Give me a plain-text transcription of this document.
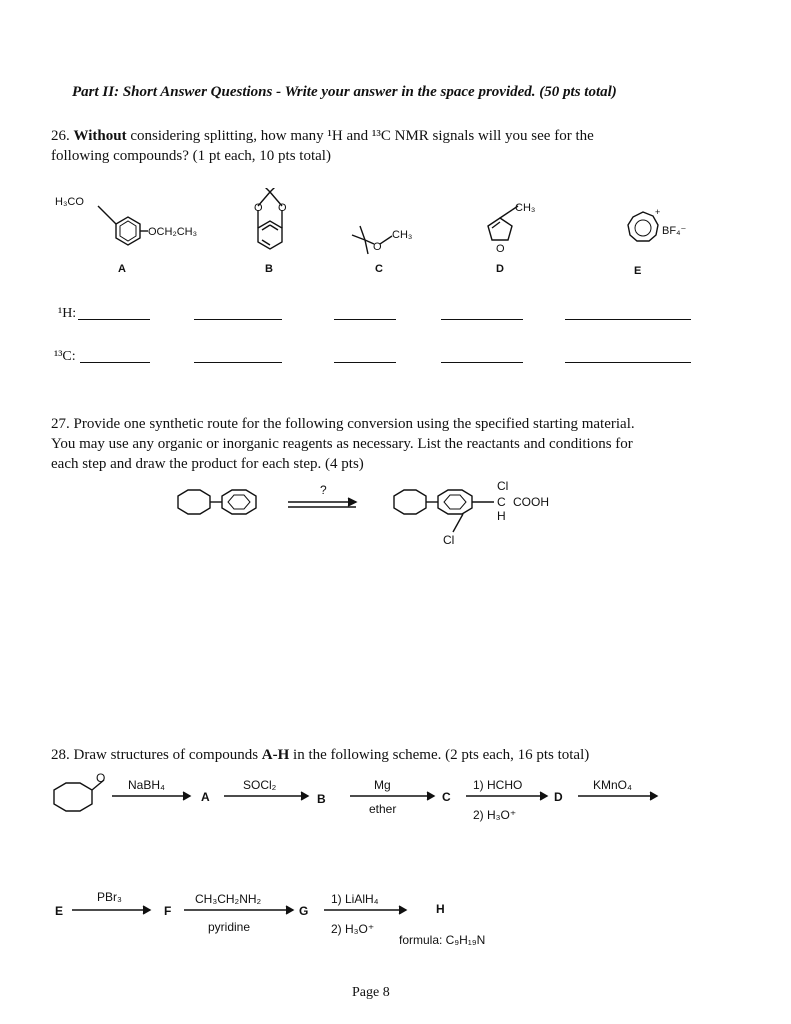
Part II: Short Answer Questions - Write your answer in the space provided. (50 pts total)
26. Without considering splitting, how many ¹H and ¹³C NMR signals will you see for the
following compounds? (1 pt each, 10 pts total)
H₃CO
OCH₂CH₃
A
O O
B
O
CH₃
C
CH₃
O
D
+
BF₄⁻
E
¹H:
¹³C:
27. Provide one synthetic route for the following conversion using the specified starting material.
You may use any organic or inorganic reagents as necessary. List the reactants and conditions for
each step and draw the product for each step. (4 pts)
?	Cl
C COOH
H
Cl
28. Draw structures of compounds A-H in the following scheme. (2 pts each, 16 pts total)
O NaBH₄
A
SOCl₂
B
Mg
ether
C
1) HCHO
2) H₃O⁺
D
KMnO₄
E
PBr₃
F
CH₃CH₂NH₂
pyridine
G
1) LiAlH₄
2) H₃O⁺
H
formula: C₉H₁₉N
Page 8
